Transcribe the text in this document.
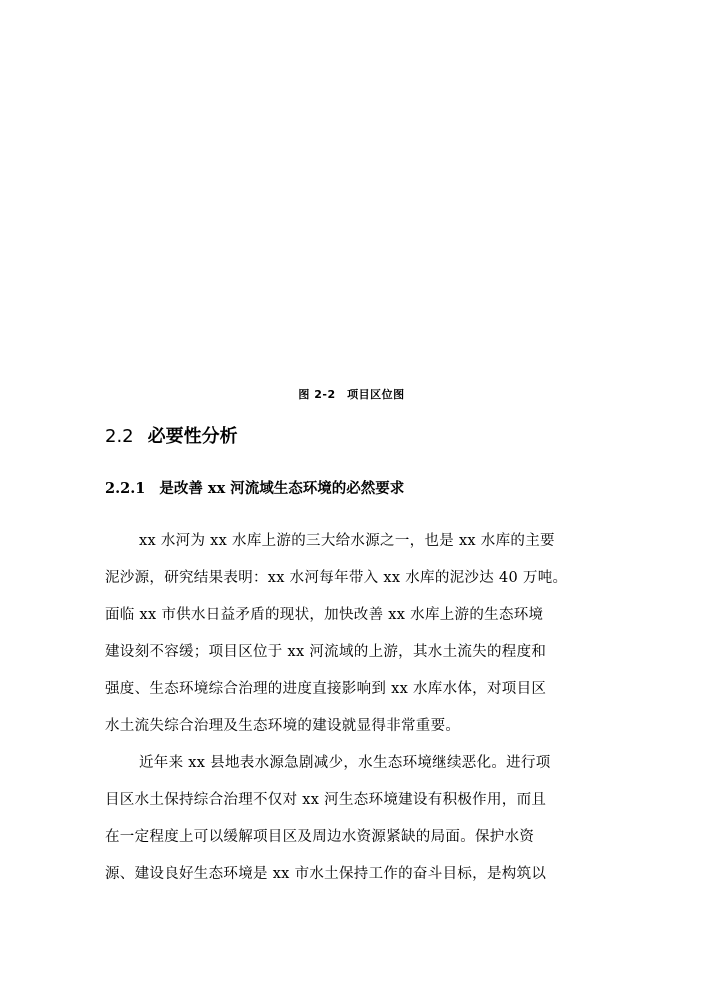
图 2-2　项目区位图
2.2 必要性分析
2.2.1 是改善 xx 河流域生态环境的必然要求
xx 水河为 xx 水库上游的三大给水源之一，也是 xx 水库的主要
泥沙源，研究结果表明：xx 水河每年带入 xx 水库的泥沙达 40 万吨。
面临 xx 市供水日益矛盾的现状，加快改善 xx 水库上游的生态环境
建设刻不容缓；项目区位于 xx 河流域的上游，其水土流失的程度和
强度、生态环境综合治理的进度直接影响到 xx 水库水体，对项目区
水土流失综合治理及生态环境的建设就显得非常重要。
近年来 xx 县地表水源急剧减少，水生态环境继续恶化。进行项
目区水土保持综合治理不仅对 xx 河生态环境建设有积极作用，而且
在一定程度上可以缓解项目区及周边水资源紧缺的局面。保护水资
源、建设良好生态环境是 xx 市水土保持工作的奋斗目标，是构筑以
